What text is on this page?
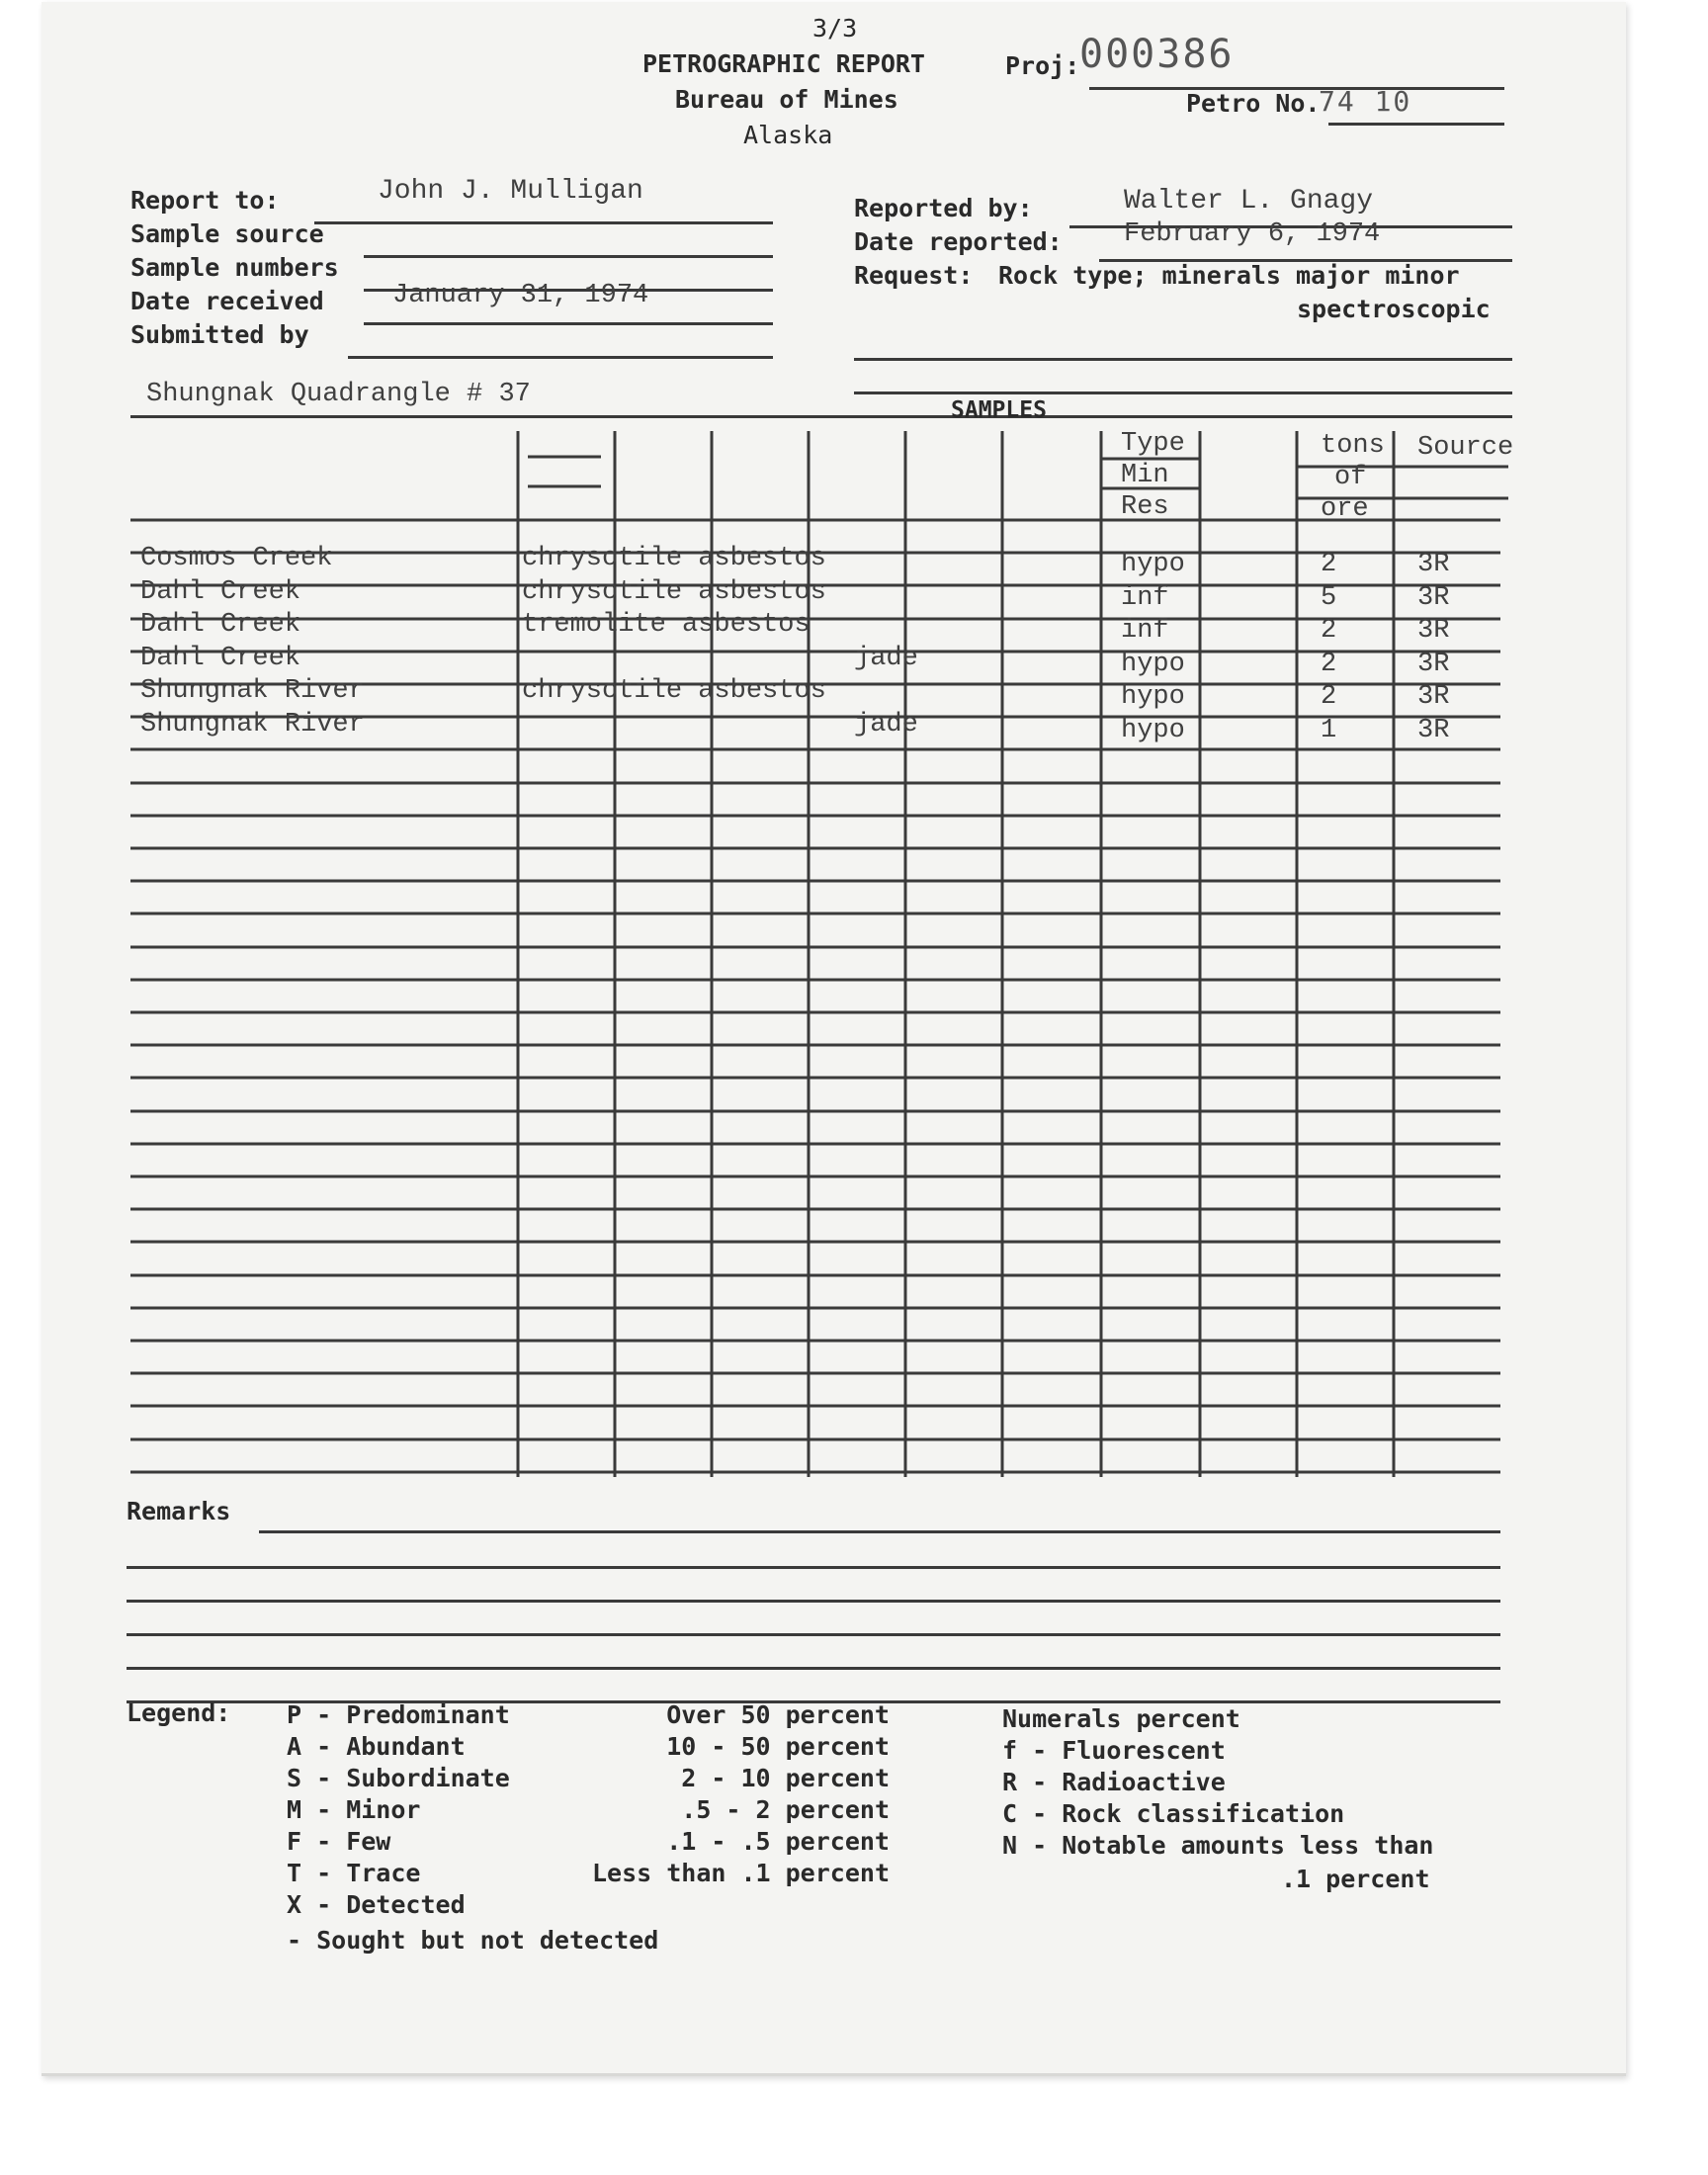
3/3
PETROGRAPHIC REPORT
Bureau of Mines
Alaska
Proj: 000386
Petro No.
74 10
Report to:	John J. Mulligan
Sample source
Sample numbers
Date received	January 31, 1974
Submitted by
Reported by:	Walter L. Gnagy
Date reported: February 6, 1974
Request: Rock type; minerals major minor
spectroscopic
Shungnak Quadrangle # 37
SAMPLES
Type
Min
Res
tons
of
ore
Source
Cosmos Creek	chrysotile asbestos	hypo	2	3R
Dahl Creek	chrysotile asbestos	inf	5	3R
Dahl Creek	tremolite asbestos	inf	2	3R
Dahl Creek	jade	hypo	2	3R
Shungnak River	chrysotile asbestos	hypo	2	3R
Shungnak River	jade	hypo	1	3R
Remarks
Legend: P - Predominant	Over 50 percent
A - Abundant	10 - 50 percent
S - Subordinate	2 - 10 percent
M - Minor	.5 - 2 percent
F - Few	.1 - .5 percent
T - Trace	Less than .1 percent
X - Detected
- Sought but not detected
Numerals percent
f - Fluorescent
R - Radioactive
C - Rock classification
N - Notable amounts less than
.1 percent
